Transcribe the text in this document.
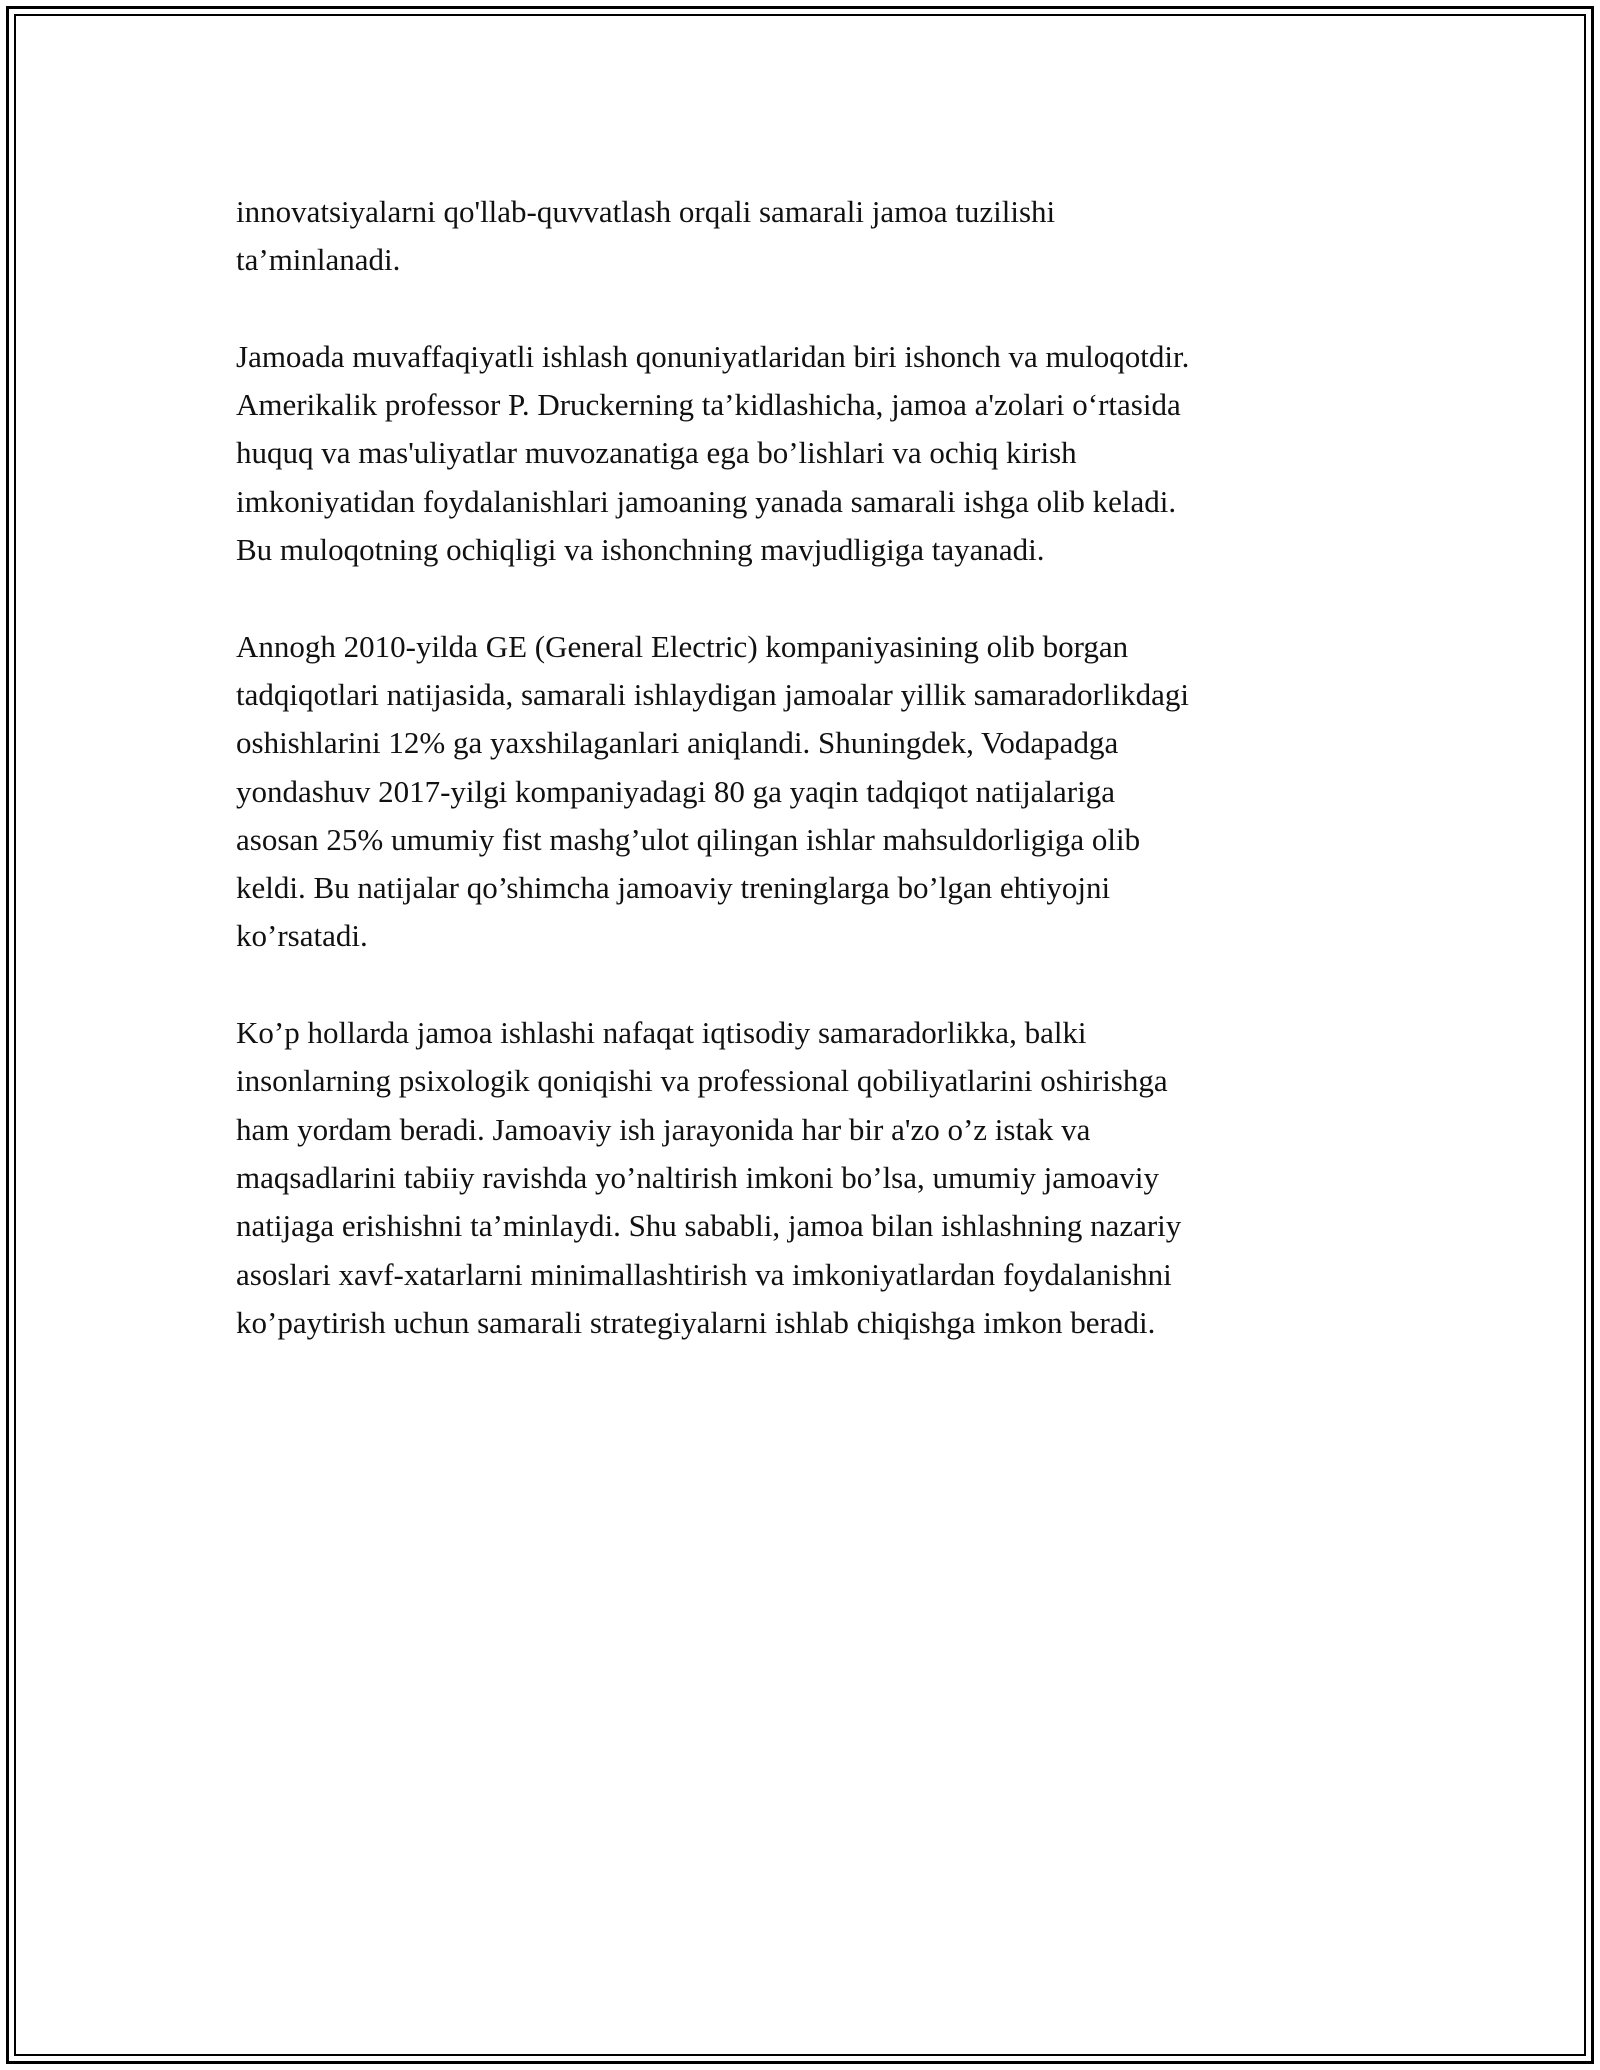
innovatsiyalarni qo'llab-quvvatlash orqali samarali jamoa tuzilishi
ta’minlanadi.

Jamoada muvaffaqiyatli ishlash qonuniyatlaridan biri ishonch va muloqotdir.
Amerikalik professor P. Druckerning ta’kidlashicha, jamoa a'zolari o‘rtasida
huquq va mas'uliyatlar muvozanatiga ega bo’lishlari va ochiq kirish
imkoniyatidan foydalanishlari jamoaning yanada samarali ishga olib keladi.
Bu muloqotning ochiqligi va ishonchning mavjudligiga tayanadi.

Annogh 2010-yilda GE (General Electric) kompaniyasining olib borgan
tadqiqotlari natijasida, samarali ishlaydigan jamoalar yillik samaradorlikdagi
oshishlarini 12% ga yaxshilaganlari aniqlandi. Shuningdek, Vodapadga
yondashuv 2017-yilgi kompaniyadagi 80 ga yaqin tadqiqot natijalariga
asosan 25% umumiy fist mashg’ulot qilingan ishlar mahsuldorligiga olib
keldi. Bu natijalar qo’shimcha jamoaviy treninglarga bo’lgan ehtiyojni
ko’rsatadi.

Ko’p hollarda jamoa ishlashi nafaqat iqtisodiy samaradorlikka, balki
insonlarning psixologik qoniqishi va professional qobiliyatlarini oshirishga
ham yordam beradi. Jamoaviy ish jarayonida har bir a'zo o’z istak va
maqsadlarini tabiiy ravishda yo’naltirish imkoni bo’lsa, umumiy jamoaviy
natijaga erishishni ta’minlaydi. Shu sababli, jamoa bilan ishlashning nazariy
asoslari xavf-xatarlarni minimallashtirish va imkoniyatlardan foydalanishni
ko’paytirish uchun samarali strategiyalarni ishlab chiqishga imkon beradi.
